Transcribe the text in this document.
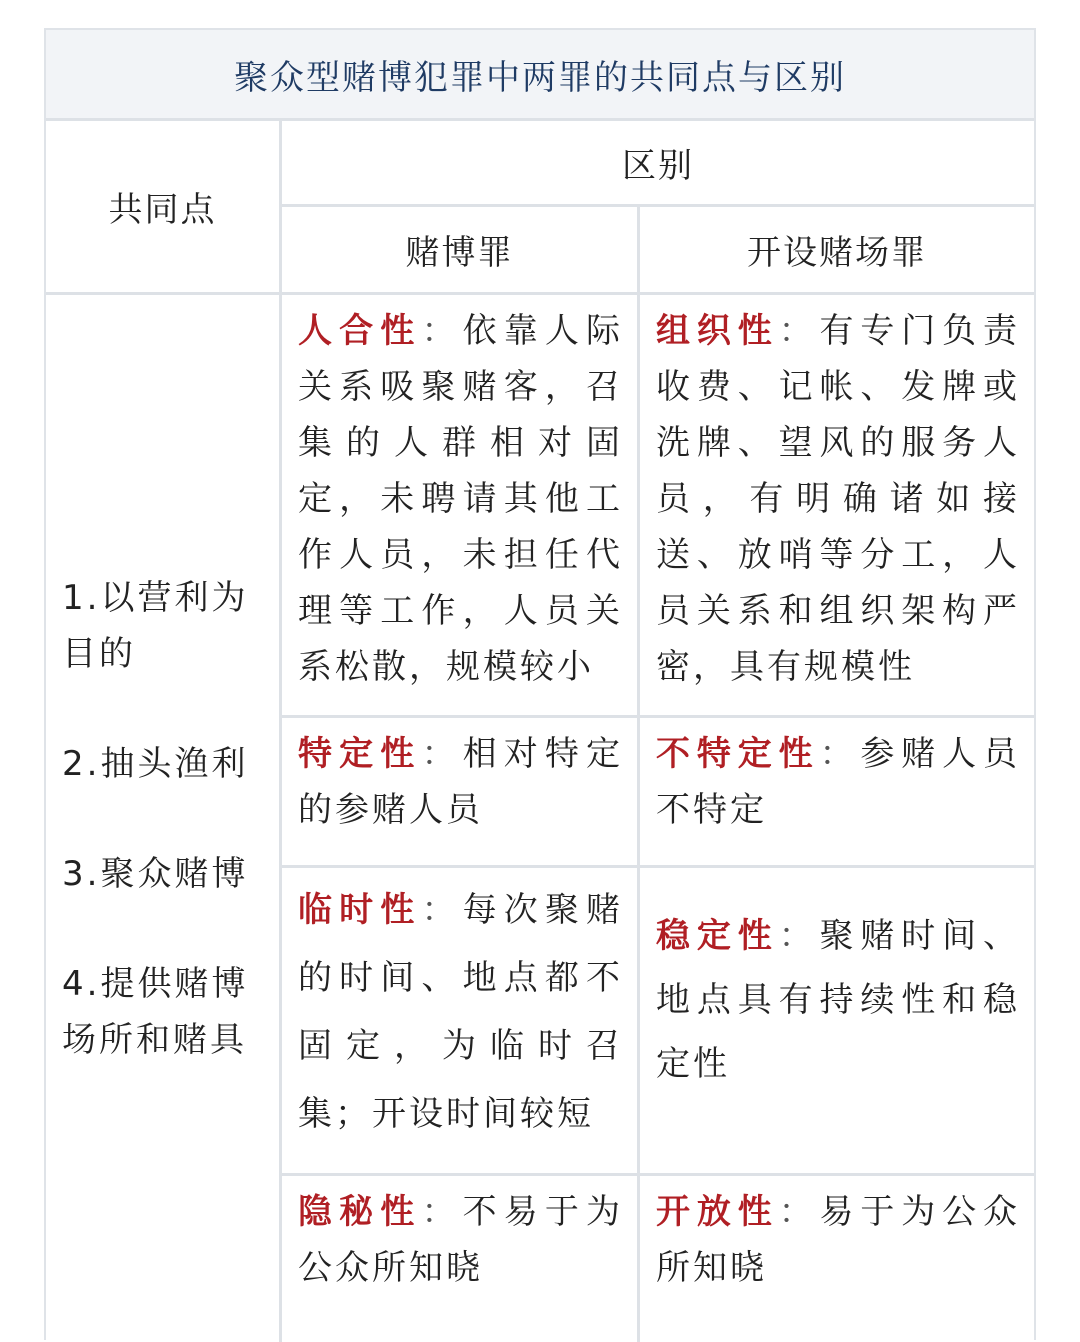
聚众型赌博犯罪中两罪的共同点与区别
共同点
区别
赌博罪	开设赌场罪

1.以营利为目的

2.抽头渔利

3.聚众赌博

4.提供赌博场所和赌具

人合性：依靠人际关系吸聚赌客，召集的人群相对固定，未聘请其他工作人员，未担任代理等工作，人员关系松散，规模较小
组织性：有专门负责收费、记帐、发牌或洗牌、望风的服务人员，有明确诸如接送、放哨等分工，人员关系和组织架构严密，具有规模性
特定性：相对特定的参赌人员
不特定性：参赌人员不特定
临时性：每次聚赌的时间、地点都不固定，为临时召集；开设时间较短
稳定性：聚赌时间、地点具有持续性和稳定性
隐秘性：不易于为公众所知晓
开放性：易于为公众所知晓
